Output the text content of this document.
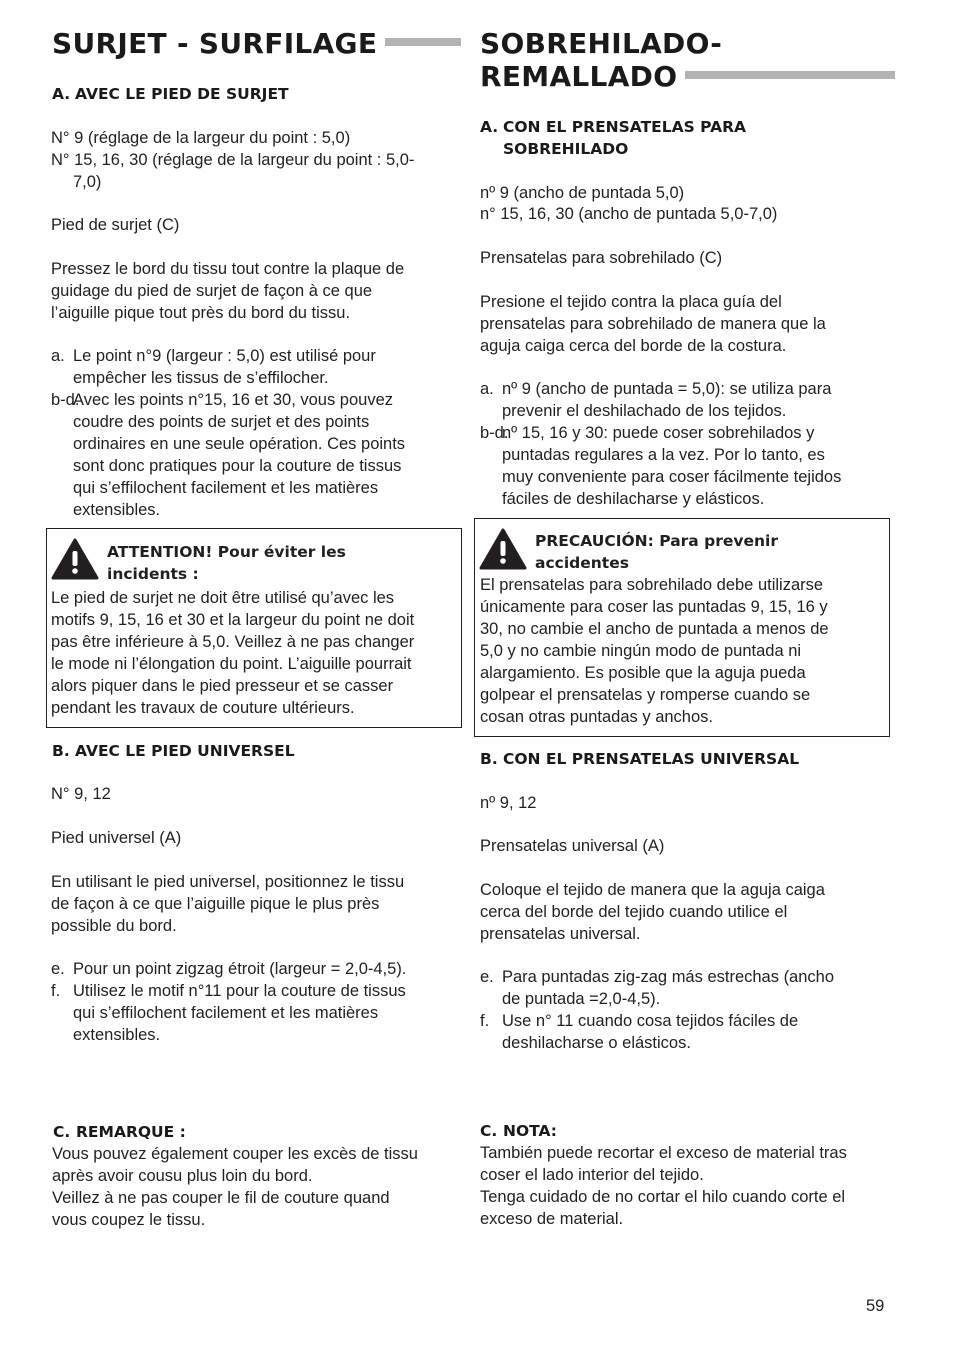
SURJET - SURFILAGE
A. AVEC LE PIED DE SURJET
N° 9 (réglage de la largeur du point : 5,0)
N° 15, 16, 30 (réglage de la largeur du point : 5,0-
7,0)
Pied de surjet (C)
Pressez le bord du tissu tout contre la plaque de
guidage du pied de surjet de façon à ce que
l’aiguille pique tout près du bord du tissu.
a. Le point n°9 (largeur : 5,0) est utilisé pour
empêcher les tissus de s’effilocher.
b-d.
Avec les points n°15, 16 et 30, vous pouvez
coudre des points de surjet et des points
ordinaires en une seule opération. Ces points
sont donc pratiques pour la couture de tissus
qui s’effilochent facilement et les matières
extensibles.
ATTENTION! Pour éviter les
incidents :
Le pied de surjet ne doit être utilisé qu’avec les
motifs 9, 15, 16 et 30 et la largeur du point ne doit
pas être inférieure à 5,0. Veillez à ne pas changer
le mode ni l’élongation du point. L’aiguille pourrait
alors piquer dans le pied presseur et se casser
pendant les travaux de couture ultérieurs.
B. AVEC LE PIED UNIVERSEL
N° 9, 12
Pied universel (A)
En utilisant le pied universel, positionnez le tissu
de façon à ce que l’aiguille pique le plus près
possible du bord.
e. Pour un point zigzag étroit (largeur = 2,0-4,5).
f. Utilisez le motif n°11 pour la couture de tissus
qui s’effilochent facilement et les matières
extensibles.
C. REMARQUE :
Vous pouvez également couper les excès de tissu
après avoir cousu plus loin du bord.
Veillez à ne pas couper le fil de couture quand
vous coupez le tissu.
SOBREHILADO-
REMALLADO
A. CON EL PRENSATELAS PARA
SOBREHILADO
nº 9 (ancho de puntada 5,0)
n° 15, 16, 30 (ancho de puntada 5,0-7,0)
Prensatelas para sobrehilado (C)
Presione el tejido contra la placa guía del
prensatelas para sobrehilado de manera que la
aguja caiga cerca del borde de la costura.
a. nº 9 (ancho de puntada = 5,0): se utiliza para
prevenir el deshilachado de los tejidos.
b-d.
nº 15, 16 y 30: puede coser sobrehilados y
puntadas regulares a la vez. Por lo tanto, es
muy conveniente para coser fácilmente tejidos
fáciles de deshilacharse y elásticos.
PRECAUCIÓN: Para prevenir
accidentes
El prensatelas para sobrehilado debe utilizarse
únicamente para coser las puntadas 9, 15, 16 y
30, no cambie el ancho de puntada a menos de
5,0 y no cambie ningún modo de puntada ni
alargamiento. Es posible que la aguja pueda
golpear el prensatelas y romperse cuando se
cosan otras puntadas y anchos.
B. CON EL PRENSATELAS UNIVERSAL
nº 9, 12
Prensatelas universal (A)
Coloque el tejido de manera que la aguja caiga
cerca del borde del tejido cuando utilice el
prensatelas universal.
e. Para puntadas zig-zag más estrechas (ancho
de puntada =2,0-4,5).
f. Use n° 11 cuando cosa tejidos fáciles de
deshilacharse o elásticos.
C. NOTA:
También puede recortar el exceso de material tras
coser el lado interior del tejido.
Tenga cuidado de no cortar el hilo cuando corte el
exceso de material.
59
